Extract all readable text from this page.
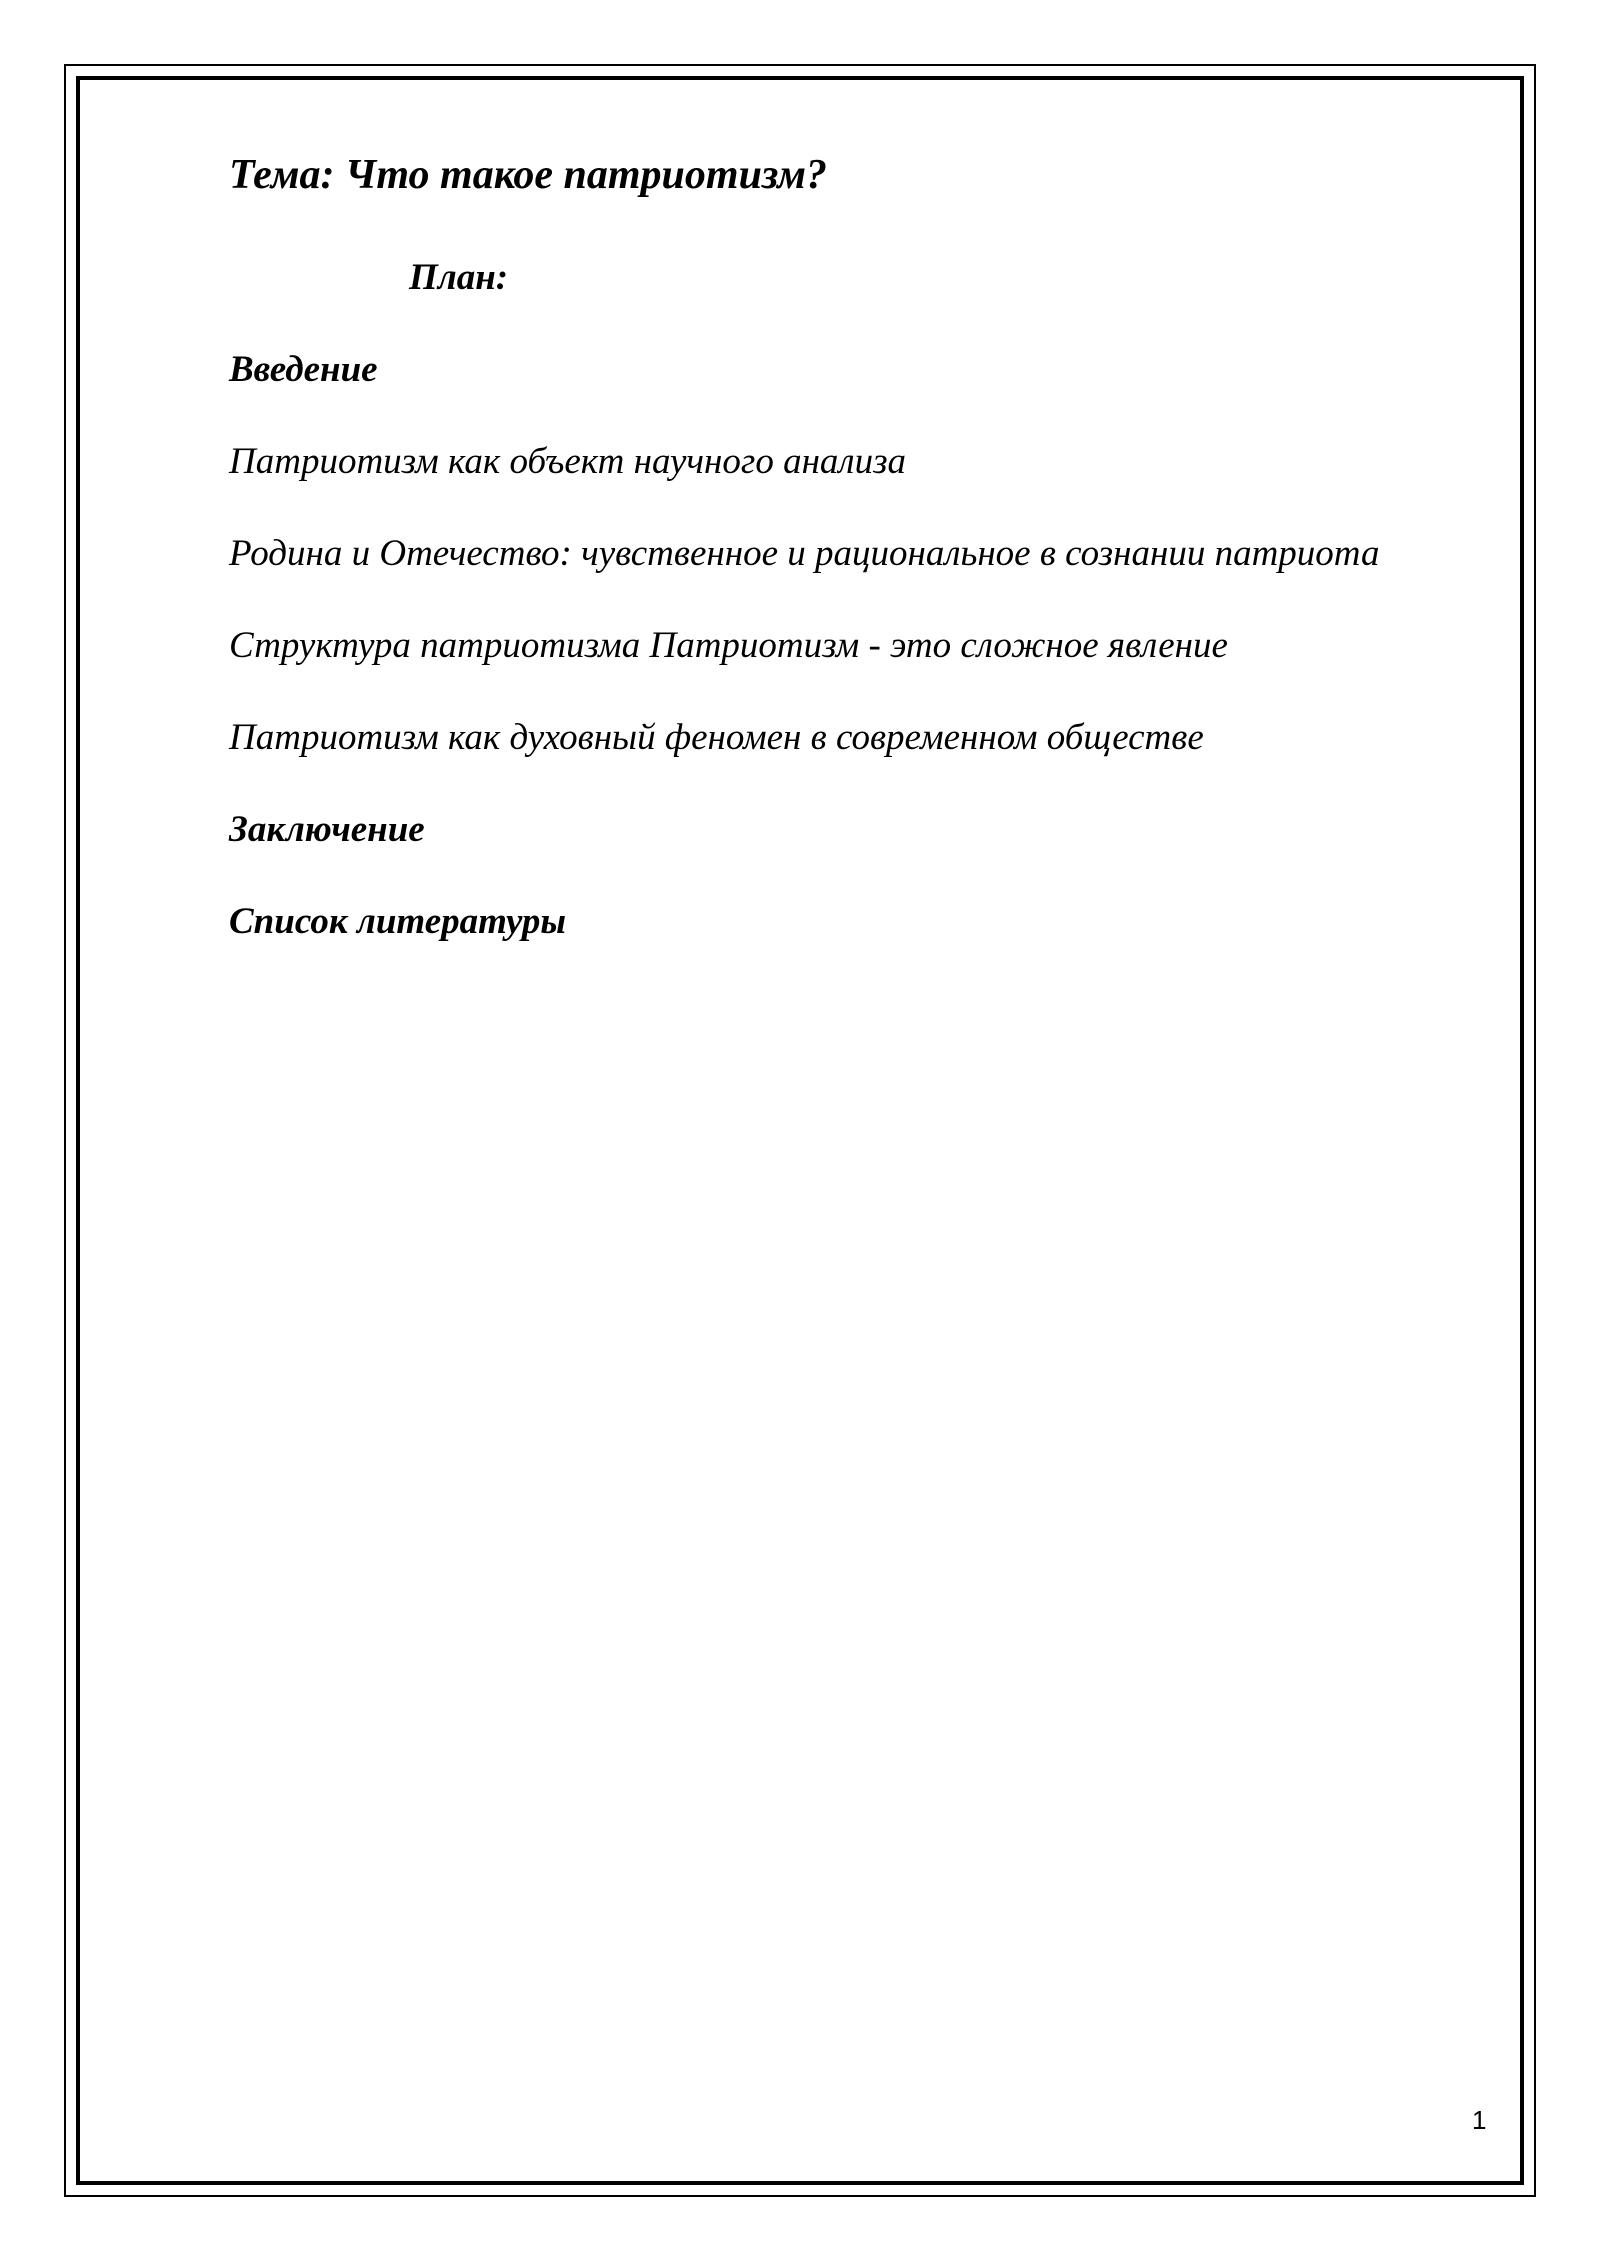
Тема: Что такое патриотизм?
План:
Введение
Патриотизм как объект научного анализа
Родина и Отечество: чувственное и рациональное в сознании патриота
Структура патриотизма Патриотизм - это сложное явление
Патриотизм как духовный феномен в современном обществе
Заключение
Список литературы
1
